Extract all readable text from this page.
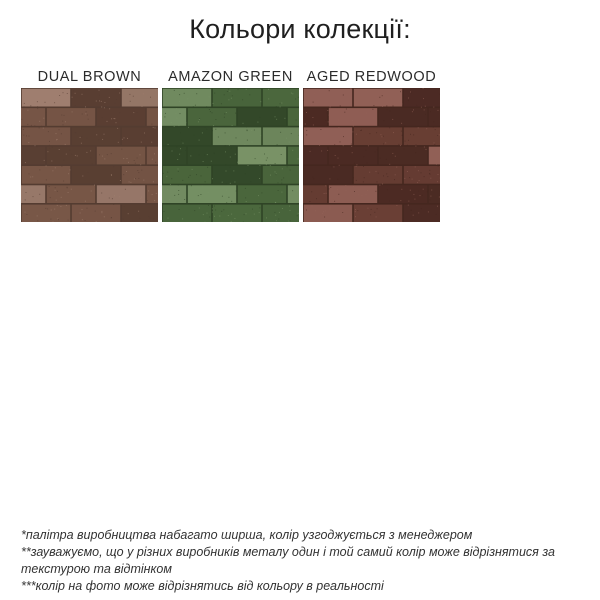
Кольори колекції:
DUAL BROWN	AMAZON GREEN AGED REDWOOD

*палітра виробництва набагато ширша, колір узгоджується з менеджером

**зауважуємо, що у різних виробників металу один і той самий колір може відрізнятися за текстурою та відтінком

***колір на фото може відрізнятись від кольору в реальності
